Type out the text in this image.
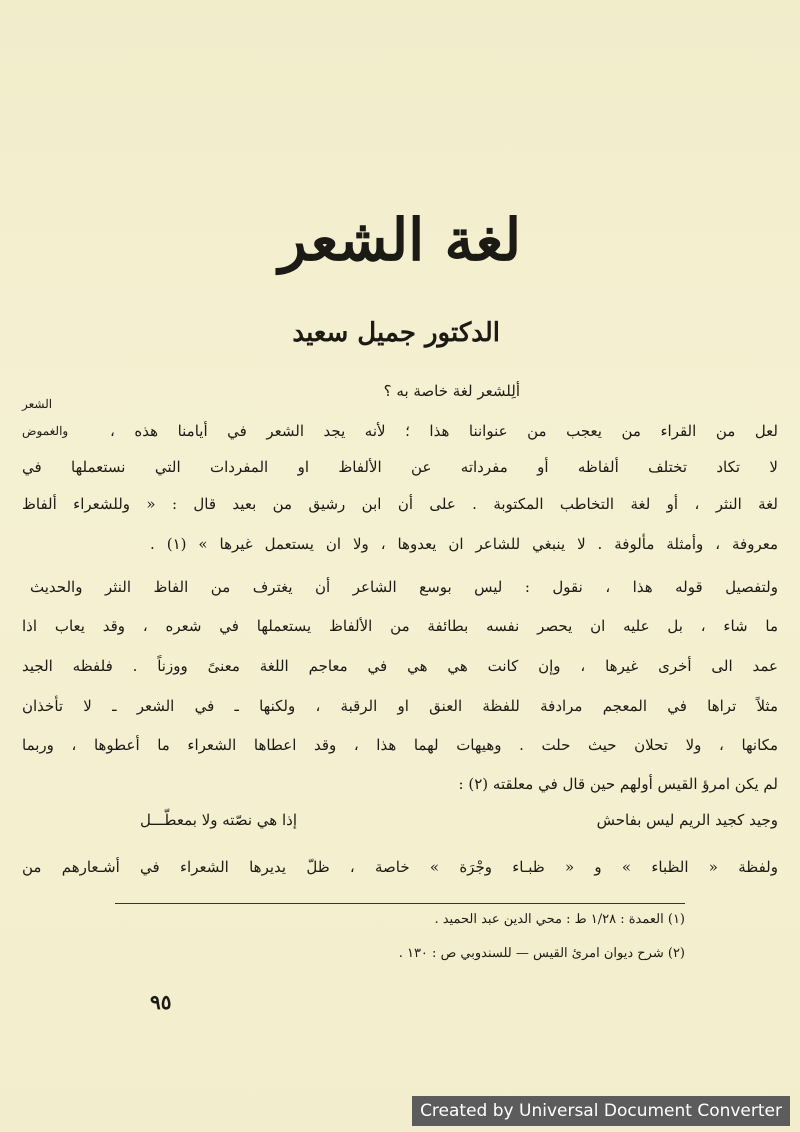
لغة الشعر
الدكتور جميل سعيد
الشعر
والغموض
ألِلشعر لغة خاصة به ؟
لعل من القراء من يعجب من عنواننا هذا ؛ لأنه يجد الشعر في أيامنا هذه ،
لا تكاد تختلف ألفاظه أو مفرداته عن الألفاظ او المفردات التي نستعملها في
لغة النثر ، أو لغة التخاطب المكتوبة . على أن ابن رشيق من بعيد قال : « وللشعراء ألفاظ
معروفة ، وأمثلة مألوفة . لا ينبغي للشاعر ان يعدوها ، ولا ان يستعمل غيرها » (١) .
ولتفصيل قوله هذا ، نقول : ليس بوسع الشاعر أن يغترف من الفاظ النثر والحديث
ما شاء ، بل عليه ان يحصر نفسه بطائفة من الألفاظ يستعملها في شعره ، وقد يعاب اذا
عمد الى أخرى غيرها ، وإن كانت هي هي في معاجم اللغة معنىً ووزناً . فلفظه الجيد
مثلاً تراها في المعجم مرادفة للفظة العنق او الرقبة ، ولكنها ـ في الشعر ـ لا تأخذان
مكانها ، ولا تحلان حيث حلت . وهيهات لهما هذا ، وقد اعطاها الشعراء ما أعطوها ، وربما
لم يكن امرؤ القيس أولهم حين قال في معلقته (٢) :
وجيد كجيد الريم ليس بفاحش
إذا هي نصّته ولا بمعطّـــل
ولفظة « الظباء » و « ظبـاء وجْرَة » خاصة ، ظلّ يديرها الشعراء في أشـعارهم من
(١) العمدة : ١/٢٨ ط : محي الدين عبد الحميد .
(٢) شرح ديوان امرئ القيس — للسندوبي ص : ١٣٠ .
٩٥
Created by Universal Document Converter
